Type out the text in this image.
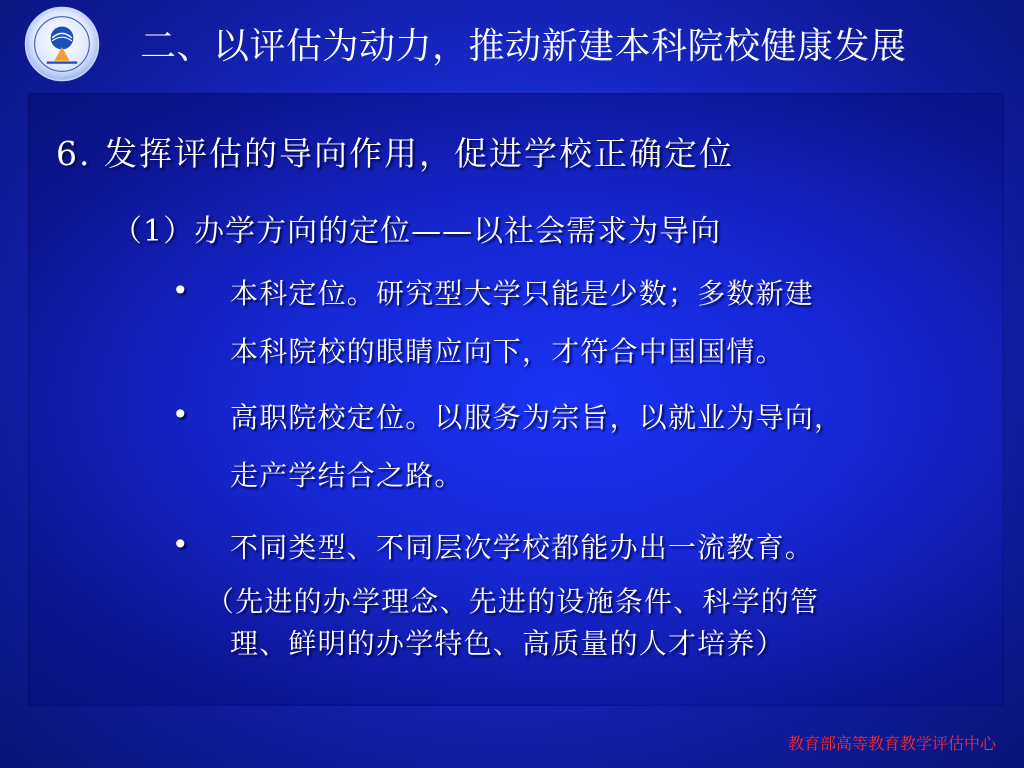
二、以评估为动力，推动新建本科院校健康发展
6. 发挥评估的导向作用，促进学校正确定位
（1）办学方向的定位——以社会需求为导向
• 本科定位。研究型大学只能是少数；多数新建
本科院校的眼睛应向下，才符合中国国情。
• 高职院校定位。以服务为宗旨，以就业为导向，
走产学结合之路。
• 不同类型、不同层次学校都能办出一流教育。
（先进的办学理念、先进的设施条件、科学的管
理、鲜明的办学特色、高质量的人才培养）
教育部高等教育教学评估中心
